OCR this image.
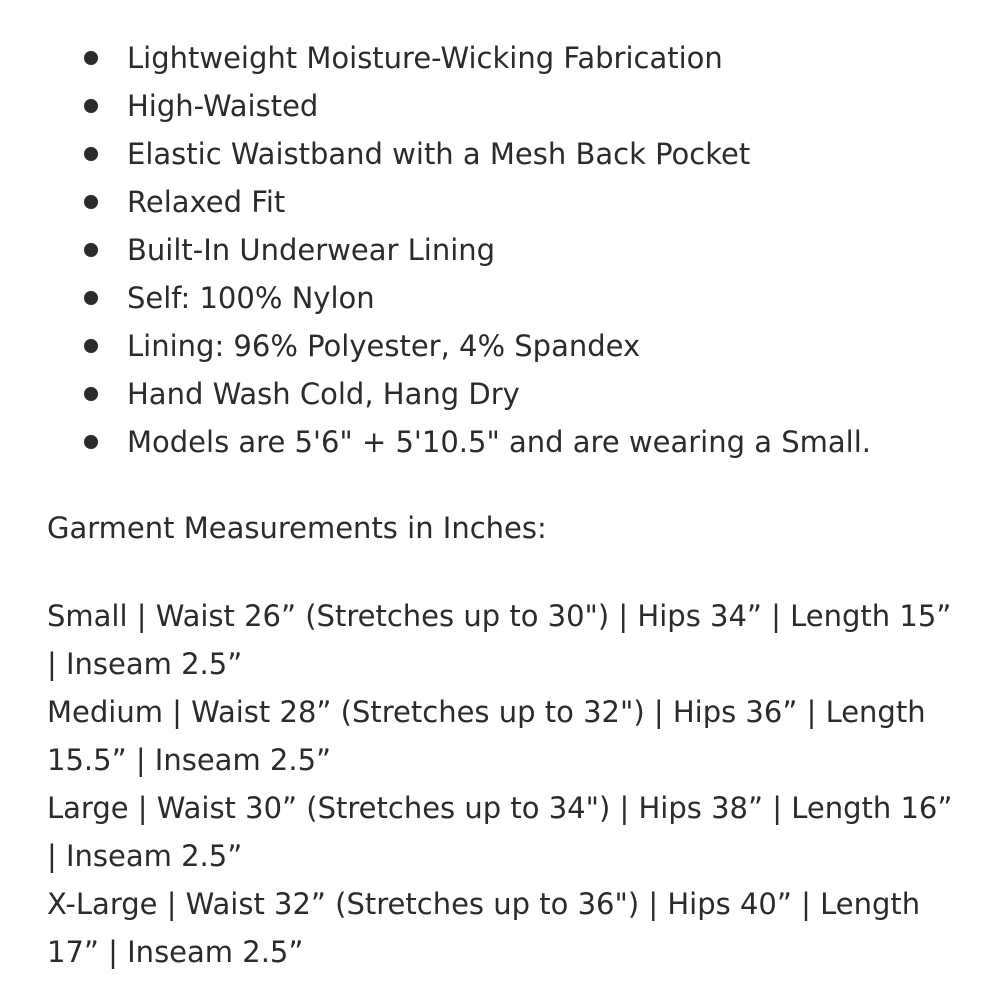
Lightweight Moisture-Wicking Fabrication
High-Waisted
Elastic Waistband with a Mesh Back Pocket
Relaxed Fit
Built-In Underwear Lining
Self: 100% Nylon
Lining: 96% Polyester, 4% Spandex
Hand Wash Cold, Hang Dry
Models are 5'6" + 5'10.5" and are wearing a Small.
Garment Measurements in Inches:

Small | Waist 26” (Stretches up to 30") | Hips 34” | Length 15” | Inseam 2.5”

Medium | Waist 28” (Stretches up to 32") | Hips 36” | Length 15.5” | Inseam 2.5”

Large | Waist 30” (Stretches up to 34") | Hips 38” | Length 16” | Inseam 2.5”

X-Large | Waist 32” (Stretches up to 36") | Hips 40” | Length 17” | Inseam 2.5”
